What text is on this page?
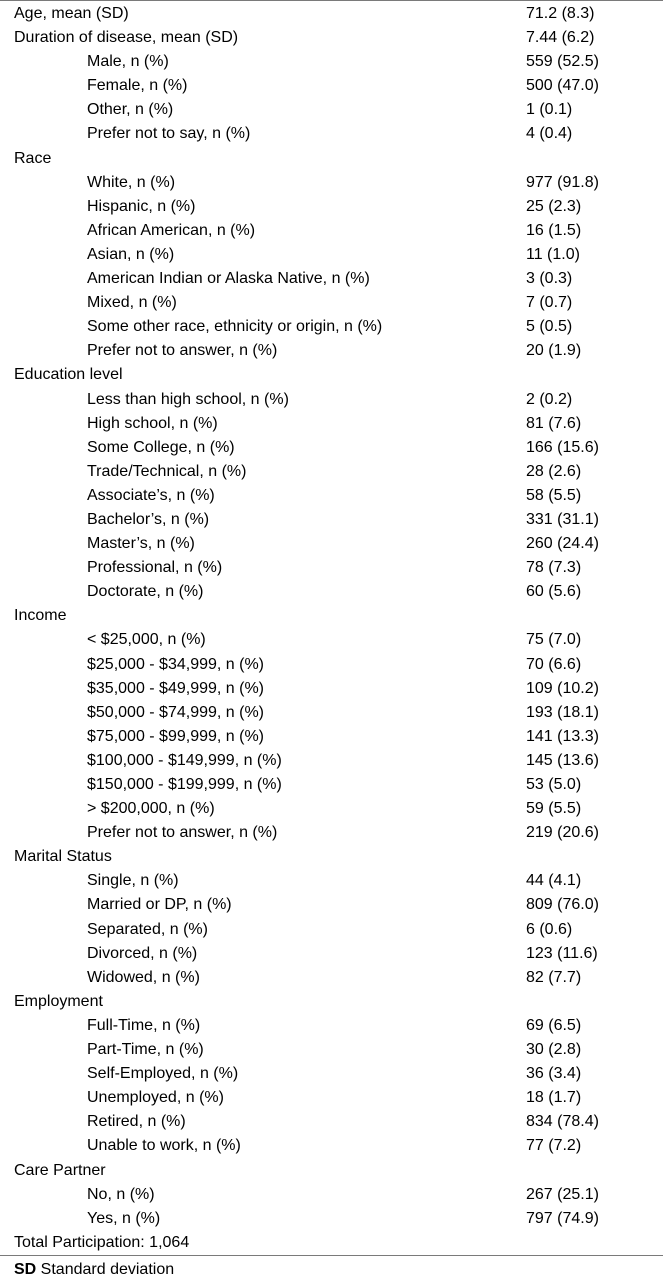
Age, mean (SD)	71.2 (8.3)
Duration of disease, mean (SD)	7.44 (6.2)
Male, n (%)	559 (52.5)
Female, n (%)	500 (47.0)
Other, n (%)	1 (0.1)
Prefer not to say, n (%)	4 (0.4)
Race
White, n (%)	977 (91.8)
Hispanic, n (%)	25 (2.3)
African American, n (%)	16 (1.5)
Asian, n (%)	11 (1.0)
American Indian or Alaska Native, n (%)	3 (0.3)
Mixed, n (%)	7 (0.7)
Some other race, ethnicity or origin, n (%)	5 (0.5)
Prefer not to answer, n (%)	20 (1.9)
Education level
Less than high school, n (%)	2 (0.2)
High school, n (%)	81 (7.6)
Some College, n (%)	166 (15.6)
Trade/Technical, n (%)	28 (2.6)
Associate’s, n (%)	58 (5.5)
Bachelor’s, n (%)	331 (31.1)
Master’s, n (%)	260 (24.4)
Professional, n (%)	78 (7.3)
Doctorate, n (%)	60 (5.6)
Income
< $25,000, n (%)	75 (7.0)
$25,000 - $34,999, n (%)	70 (6.6)
$35,000 - $49,999, n (%)	109 (10.2)
$50,000 - $74,999, n (%)	193 (18.1)
$75,000 - $99,999, n (%)	141 (13.3)
$100,000 - $149,999, n (%)	145 (13.6)
$150,000 - $199,999, n (%)	53 (5.0)
> $200,000, n (%)	59 (5.5)
Prefer not to answer, n (%)	219 (20.6)
Marital Status
Single, n (%)	44 (4.1)
Married or DP, n (%)	809 (76.0)
Separated, n (%)	6 (0.6)
Divorced, n (%)	123 (11.6)
Widowed, n (%)	82 (7.7)
Employment
Full-Time, n (%)	69 (6.5)
Part-Time, n (%)	30 (2.8)
Self-Employed, n (%)	36 (3.4)
Unemployed, n (%)	18 (1.7)
Retired, n (%)	834 (78.4)
Unable to work, n (%)	77 (7.2)
Care Partner
No, n (%)	267 (25.1)
Yes, n (%)	797 (74.9)
Total Participation: 1,064
SD Standard deviation
